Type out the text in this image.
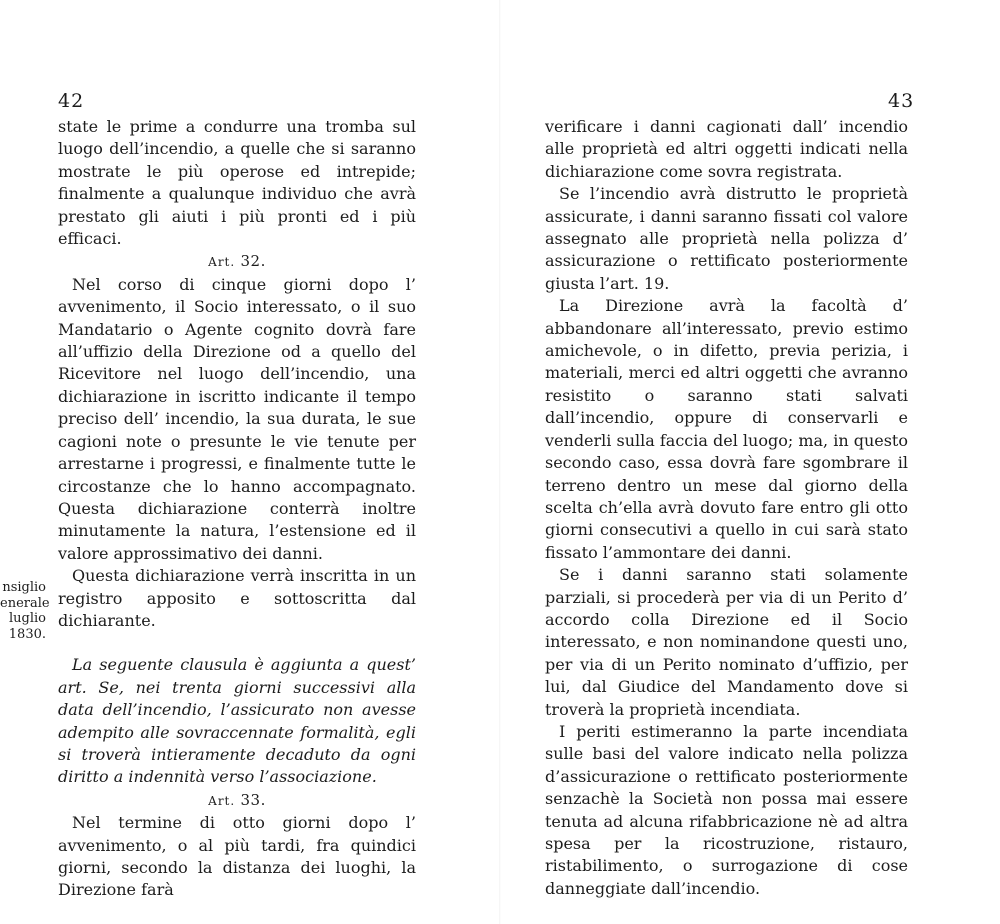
42
nsiglio
enerale
luglio
1830.

state le prime a condurre una tromba sul luogo dell’incendio, a quelle che si saranno mostrate le più operose ed intrepide; finalmente a qualunque individuo che avrà prestato gli aiuti i più pronti ed i più efficaci.

Art. 32.

Nel corso di cinque giorni dopo l’ avvenimento, il Socio interessato, o il suo Mandatario o Agente cognito dovrà fare all’uffizio della Direzione od a quello del Ricevitore nel luogo dell’incendio, una dichiarazione in iscritto indicante il tempo preciso dell’ incendio, la sua durata, le sue cagioni note o presunte le vie tenute per arrestarne i progressi, e finalmente tutte le circostanze che lo hanno accompagnato. Questa dichiarazione conterrà inoltre minutamente la natura, l’estensione ed il valore approssimativo dei danni.

Questa dichiarazione verrà inscritta in un registro apposito e sottoscritta dal dichiarante.

La seguente clausula è aggiunta a quest’ art. Se, nei trenta giorni successivi alla data dell’incendio, l’assicurato non avesse adempito alle sovraccennate formalità, egli si troverà intieramente decaduto da ogni diritto a indennità verso l’associazione.

Art. 33.

Nel termine di otto giorni dopo l’ avvenimento, o al più tardi, fra quindici giorni, secondo la distanza dei luoghi, la Direzione farà

43

verificare i danni cagionati dall’ incendio alle proprietà ed altri oggetti indicati nella dichiarazione come sovra registrata.

Se l’incendio avrà distrutto le proprietà assicurate, i danni saranno fissati col valore assegnato alle proprietà nella polizza d’ assicurazione o rettificato posteriormente giusta l’art. 19.

La Direzione avrà la facoltà d’ abbandonare all’interessato, previo estimo amichevole, o in difetto, previa perizia, i materiali, merci ed altri oggetti che avranno resistito o saranno stati salvati dall’incendio, oppure di conservarli e venderli sulla faccia del luogo; ma, in questo secondo caso, essa dovrà fare sgombrare il terreno dentro un mese dal giorno della scelta ch’ella avrà dovuto fare entro gli otto giorni consecutivi a quello in cui sarà stato fissato l’ammontare dei danni.

Se i danni saranno stati solamente parziali, si procederà per via di un Perito d’ accordo colla Direzione ed il Socio interessato, e non nominandone questi uno, per via di un Perito nominato d’uffizio, per lui, dal Giudice del Mandamento dove si troverà la proprietà incendiata.

I periti estimeranno la parte incendiata sulle basi del valore indicato nella polizza d’assicurazione o rettificato posteriormente senzachè la Società non possa mai essere tenuta ad alcuna rifabbricazione nè ad altra spesa per la ricostruzione, ristauro, ristabilimento, o surrogazione di cose danneggiate dall’incendio.
